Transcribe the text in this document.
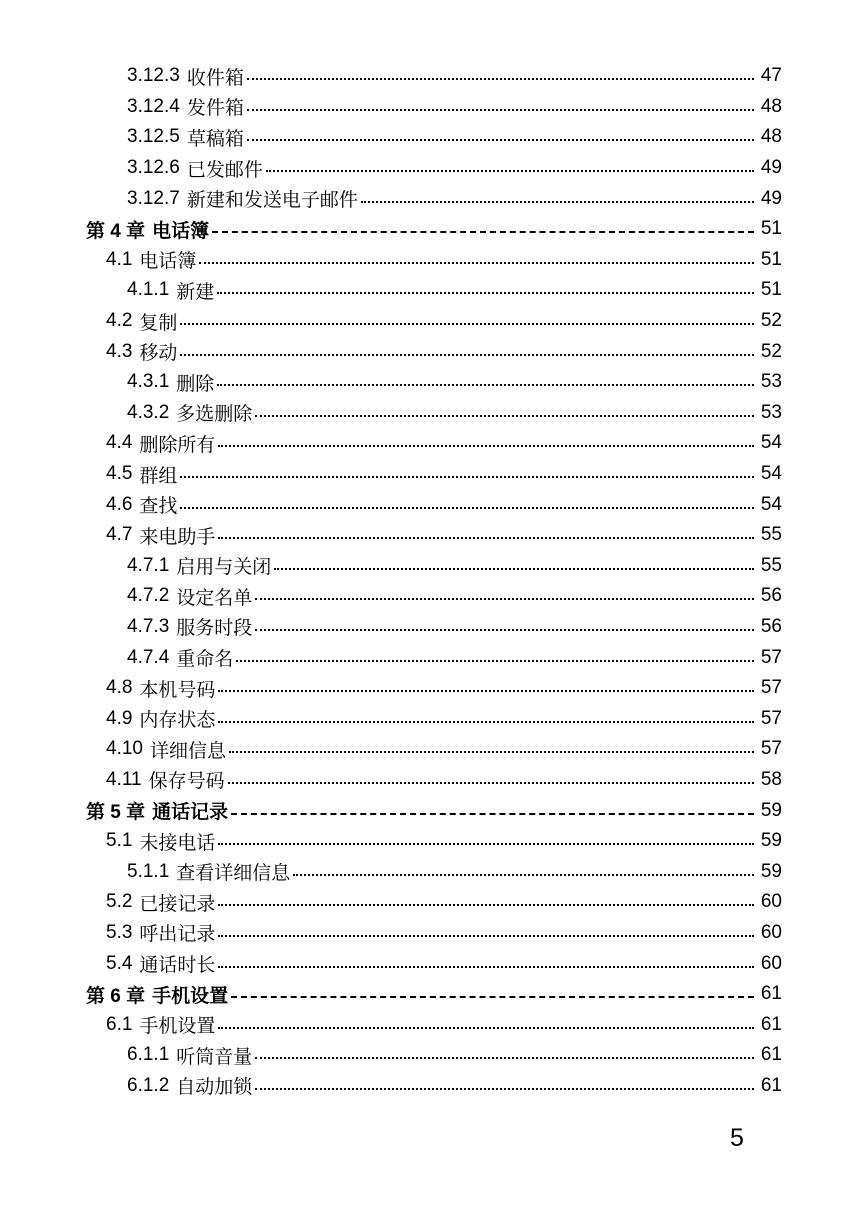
3.12.3 收件箱	47
3.12.4 发件箱	48
3.12.5 草稿箱	48
3.12.6 已发邮件	49
3.12.7 新建和发送电子邮件	49
第 4 章 电话簿	51
4.1 电话簿	51
4.1.1 新建	51
4.2 复制	52
4.3 移动	52
4.3.1 删除	53
4.3.2 多选删除	53
4.4 删除所有	54
4.5 群组	54
4.6 查找	54
4.7 来电助手	55
4.7.1 启用与关闭	55
4.7.2 设定名单	56
4.7.3 服务时段	56
4.7.4 重命名	57
4.8 本机号码	57
4.9 内存状态	57
4.10 详细信息	57
4.11 保存号码	58
第 5 章 通话记录	59
5.1 未接电话	59
5.1.1 查看详细信息	59
5.2 已接记录	60
5.3 呼出记录	60
5.4 通话时长	60
第 6 章 手机设置	61
6.1 手机设置	61
6.1.1 听筒音量	61
6.1.2 自动加锁	61
5
